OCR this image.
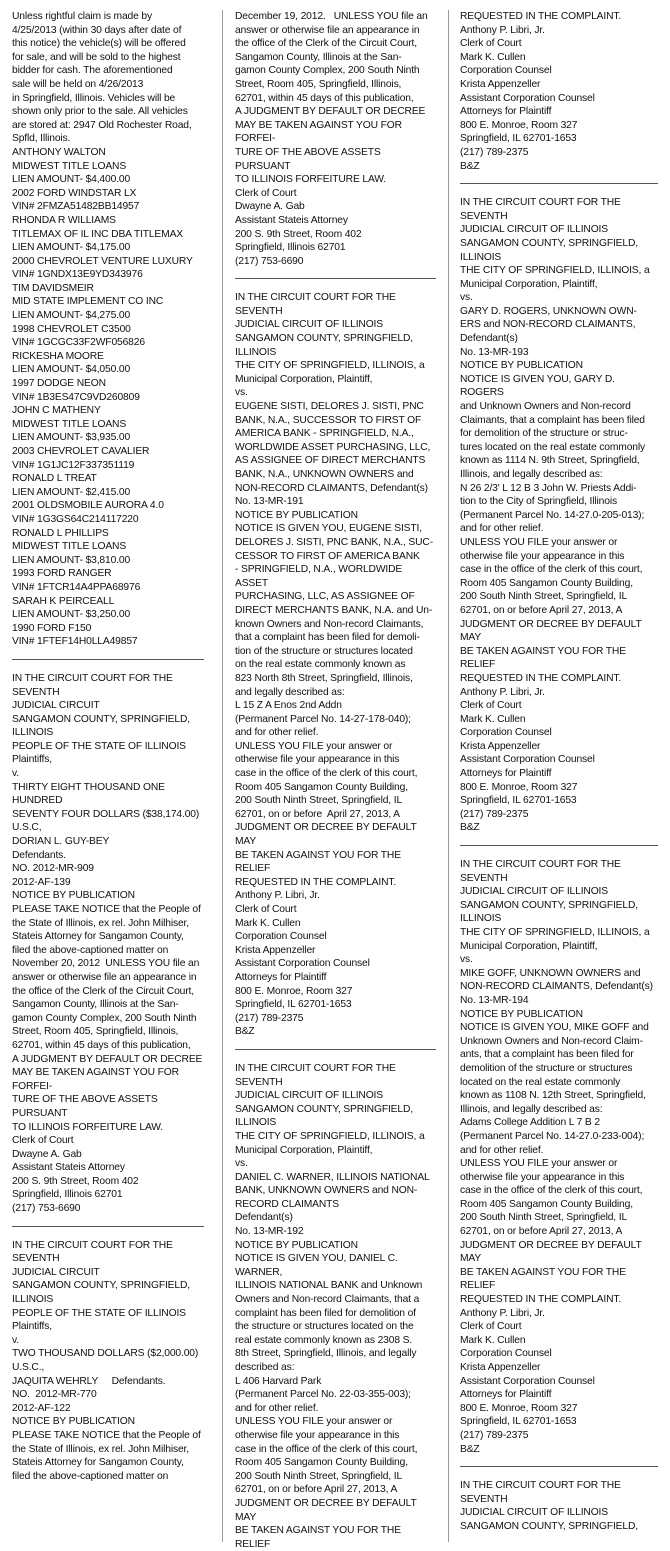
Unless rightful claim is made by
4/25/2013 (within 30 days after date of
this notice) the vehicle(s) will be offered
for sale, and will be sold to the highest
bidder for cash. The aforementioned
sale will be held on 4/26/2013
in Springfield, Illinois. Vehicles will be
shown only prior to the sale. All vehicles
are stored at: 2947 Old Rochester Road,
Spfld, Illinois.
ANTHONY WALTON
MIDWEST TITLE LOANS
LIEN AMOUNT- $4,400.00
2002 FORD WINDSTAR LX
VIN# 2FMZA51482BB14957
RHONDA R WILLIAMS
TITLEMAX OF IL INC DBA TITLEMAX
LIEN AMOUNT- $4,175.00
2000 CHEVROLET VENTURE LUXURY
VIN# 1GNDX13E9YD343976
TIM DAVIDSMEIR
MID STATE IMPLEMENT CO INC
LIEN AMOUNT- $4,275.00
1998 CHEVROLET C3500
VIN# 1GCGC33F2WF056826
RICKESHA MOORE
LIEN AMOUNT- $4,050.00
1997 DODGE NEON
VIN# 1B3ES47C9VD260809
JOHN C MATHENY
MIDWEST TITLE LOANS
LIEN AMOUNT- $3,935.00
2003 CHEVROLET CAVALIER
VIN# 1G1JC12F337351119
RONALD L TREAT
LIEN AMOUNT- $2,415.00
2001 OLDSMOBILE AURORA 4.0
VIN# 1G3GS64C214117220
RONALD L PHILLIPS
MIDWEST TITLE LOANS
LIEN AMOUNT- $3,810.00
1993 FORD RANGER
VIN# 1FTCR14A4PPA68976
SARAH K PEIRCEALL
LIEN AMOUNT- $3,250.00
1990 FORD F150
VIN# 1FTEF14H0LLA49857
IN THE CIRCUIT COURT FOR THE SEVENTH
JUDICIAL CIRCUIT
SANGAMON COUNTY, SPRINGFIELD,
ILLINOIS
PEOPLE OF THE STATE OF ILLINOIS
Plaintiffs,
v.
THIRTY EIGHT THOUSAND ONE HUNDRED
SEVENTY FOUR DOLLARS ($38,174.00)
U.S.C,
DORIAN L. GUY-BEY
Defendants.
NO. 2012-MR-909
2012-AF-139
NOTICE BY PUBLICATION
PLEASE TAKE NOTICE that the People of
the State of Illinois, ex rel. John Milhiser,
Stateis Attorney for Sangamon County,
filed the above-captioned matter on
November 20, 2012  UNLESS YOU file an
answer or otherwise file an appearance in
the office of the Clerk of the Circuit Court,
Sangamon County, Illinois at the San-
gamon County Complex, 200 South Ninth
Street, Room 405, Springfield, Illinois,
62701, within 45 days of this publication,
A JUDGMENT BY DEFAULT OR DECREE
MAY BE TAKEN AGAINST YOU FOR FORFEI-
TURE OF THE ABOVE ASSETS PURSUANT
TO ILLINOIS FORFEITURE LAW.
Clerk of Court
Dwayne A. Gab
Assistant Stateis Attorney
200 S. 9th Street, Room 402
Springfield, Illinois 62701
(217) 753-6690
IN THE CIRCUIT COURT FOR THE SEVENTH
JUDICIAL CIRCUIT
SANGAMON COUNTY, SPRINGFIELD,
ILLINOIS
PEOPLE OF THE STATE OF ILLINOIS
Plaintiffs,
v.
TWO THOUSAND DOLLARS ($2,000.00)
U.S.C.,
JAQUITA WEHRLY     Defendants.
NO.  2012-MR-770
2012-AF-122
NOTICE BY PUBLICATION
PLEASE TAKE NOTICE that the People of
the State of Illinois, ex rel. John Milhiser,
Stateis Attorney for Sangamon County,
filed the above-captioned matter on
December 19, 2012.   UNLESS YOU file an
answer or otherwise file an appearance in
the office of the Clerk of the Circuit Court,
Sangamon County, Illinois at the San-
gamon County Complex, 200 South Ninth
Street, Room 405, Springfield, Illinois,
62701, within 45 days of this publication,
A JUDGMENT BY DEFAULT OR DECREE
MAY BE TAKEN AGAINST YOU FOR FORFEI-
TURE OF THE ABOVE ASSETS PURSUANT
TO ILLINOIS FORFEITURE LAW.
Clerk of Court
Dwayne A. Gab
Assistant Stateis Attorney
200 S. 9th Street, Room 402
Springfield, Illinois 62701
(217) 753-6690
IN THE CIRCUIT COURT FOR THE SEVENTH
JUDICIAL CIRCUIT OF ILLINOIS
SANGAMON COUNTY, SPRINGFIELD,
ILLINOIS
THE CITY OF SPRINGFIELD, ILLINOIS, a
Municipal Corporation, Plaintiff,
vs.
EUGENE SISTI, DELORES J. SISTI, PNC
BANK, N.A., SUCCESSOR TO FIRST OF
AMERICA BANK - SPRINGFIELD, N.A.,
WORLDWIDE ASSET PURCHASING, LLC,
AS ASSIGNEE OF DIRECT MERCHANTS
BANK, N.A., UNKNOWN OWNERS and
NON-RECORD CLAIMANTS, Defendant(s)
No. 13-MR-191
NOTICE BY PUBLICATION
NOTICE IS GIVEN YOU, EUGENE SISTI,
DELORES J. SISTI, PNC BANK, N.A., SUC-
CESSOR TO FIRST OF AMERICA BANK
- SPRINGFIELD, N.A., WORLDWIDE ASSET
PURCHASING, LLC, AS ASSIGNEE OF
DIRECT MERCHANTS BANK, N.A. and Un-
known Owners and Non-record Claimants,
that a complaint has been filed for demoli-
tion of the structure or structures located
on the real estate commonly known as
823 North 8th Street, Springfield, Illinois,
and legally described as:
L 15 Z A Enos 2nd Addn
(Permanent Parcel No. 14-27-178-040);
and for other relief.
UNLESS YOU FILE your answer or
otherwise file your appearance in this
case in the office of the clerk of this court,
Room 405 Sangamon County Building,
200 South Ninth Street, Springfield, IL
62701, on or before  April 27, 2013, A
JUDGMENT OR DECREE BY DEFAULT MAY
BE TAKEN AGAINST YOU FOR THE RELIEF
REQUESTED IN THE COMPLAINT.
Anthony P. Libri, Jr.
Clerk of Court
Mark K. Cullen
Corporation Counsel
Krista Appenzeller
Assistant Corporation Counsel
Attorneys for Plaintiff
800 E. Monroe, Room 327
Springfield, IL 62701-1653
(217) 789-2375
B&Z
IN THE CIRCUIT COURT FOR THE SEVENTH
JUDICIAL CIRCUIT OF ILLINOIS
SANGAMON COUNTY, SPRINGFIELD,
ILLINOIS
THE CITY OF SPRINGFIELD, ILLINOIS, a
Municipal Corporation, Plaintiff,
vs.
DANIEL C. WARNER, ILLINOIS NATIONAL
BANK, UNKNOWN OWNERS and NON-
RECORD CLAIMANTS
Defendant(s)
No. 13-MR-192
NOTICE BY PUBLICATION
NOTICE IS GIVEN YOU, DANIEL C. WARNER,
ILLINOIS NATIONAL BANK and Unknown
Owners and Non-record Claimants, that a
complaint has been filed for demolition of
the structure or structures located on the
real estate commonly known as 2308 S.
8th Street, Springfield, Illinois, and legally
described as:
L 406 Harvard Park
(Permanent Parcel No. 22-03-355-003);
and for other relief.
UNLESS YOU FILE your answer or
otherwise file your appearance in this
case in the office of the clerk of this court,
Room 405 Sangamon County Building,
200 South Ninth Street, Springfield, IL
62701, on or before April 27, 2013, A
JUDGMENT OR DECREE BY DEFAULT MAY
BE TAKEN AGAINST YOU FOR THE RELIEF
REQUESTED IN THE COMPLAINT.
Anthony P. Libri, Jr.
Clerk of Court
Mark K. Cullen
Corporation Counsel
Krista Appenzeller
Assistant Corporation Counsel
Attorneys for Plaintiff
800 E. Monroe, Room 327
Springfield, IL 62701-1653
(217) 789-2375
B&Z
IN THE CIRCUIT COURT FOR THE SEVENTH
JUDICIAL CIRCUIT OF ILLINOIS
SANGAMON COUNTY, SPRINGFIELD,
ILLINOIS
THE CITY OF SPRINGFIELD, ILLINOIS, a
Municipal Corporation, Plaintiff,
vs.
GARY D. ROGERS, UNKNOWN OWN-
ERS and NON-RECORD CLAIMANTS,
Defendant(s)
No. 13-MR-193
NOTICE BY PUBLICATION
NOTICE IS GIVEN YOU, GARY D. ROGERS
and Unknown Owners and Non-record
Claimants, that a complaint has been filed
for demolition of the structure or struc-
tures located on the real estate commonly
known as 1114 N. 9th Street, Springfield,
Illinois, and legally described as:
N 26 2/3' L 12 B 3 John W. Priests Addi-
tion to the City of Springfield, Illinois
(Permanent Parcel No. 14-27.0-205-013);
and for other relief.
UNLESS YOU FILE your answer or
otherwise file your appearance in this
case in the office of the clerk of this court,
Room 405 Sangamon County Building,
200 South Ninth Street, Springfield, IL
62701, on or before April 27, 2013, A
JUDGMENT OR DECREE BY DEFAULT MAY
BE TAKEN AGAINST YOU FOR THE RELIEF
REQUESTED IN THE COMPLAINT.
Anthony P. Libri, Jr.
Clerk of Court
Mark K. Cullen
Corporation Counsel
Krista Appenzeller
Assistant Corporation Counsel
Attorneys for Plaintiff
800 E. Monroe, Room 327
Springfield, IL 62701-1653
(217) 789-2375
B&Z
IN THE CIRCUIT COURT FOR THE SEVENTH
JUDICIAL CIRCUIT OF ILLINOIS
SANGAMON COUNTY, SPRINGFIELD,
ILLINOIS
THE CITY OF SPRINGFIELD, ILLINOIS, a
Municipal Corporation, Plaintiff,
vs.
MIKE GOFF, UNKNOWN OWNERS and
NON-RECORD CLAIMANTS, Defendant(s)
No. 13-MR-194
NOTICE BY PUBLICATION
NOTICE IS GIVEN YOU, MIKE GOFF and
Unknown Owners and Non-record Claim-
ants, that a complaint has been filed for
demolition of the structure or structures
located on the real estate commonly
known as 1108 N. 12th Street, Springfield,
Illinois, and legally described as:
Adams College Addition L 7 B 2
(Permanent Parcel No. 14-27.0-233-004);
and for other relief.
UNLESS YOU FILE your answer or
otherwise file your appearance in this
case in the office of the clerk of this court,
Room 405 Sangamon County Building,
200 South Ninth Street, Springfield, IL
62701, on or before April 27, 2013, A
JUDGMENT OR DECREE BY DEFAULT MAY
BE TAKEN AGAINST YOU FOR THE RELIEF
REQUESTED IN THE COMPLAINT.
Anthony P. Libri, Jr.
Clerk of Court
Mark K. Cullen
Corporation Counsel
Krista Appenzeller
Assistant Corporation Counsel
Attorneys for Plaintiff
800 E. Monroe, Room 327
Springfield, IL 62701-1653
(217) 789-2375
B&Z
IN THE CIRCUIT COURT FOR THE SEVENTH
JUDICIAL CIRCUIT OF ILLINOIS
SANGAMON COUNTY, SPRINGFIELD,
